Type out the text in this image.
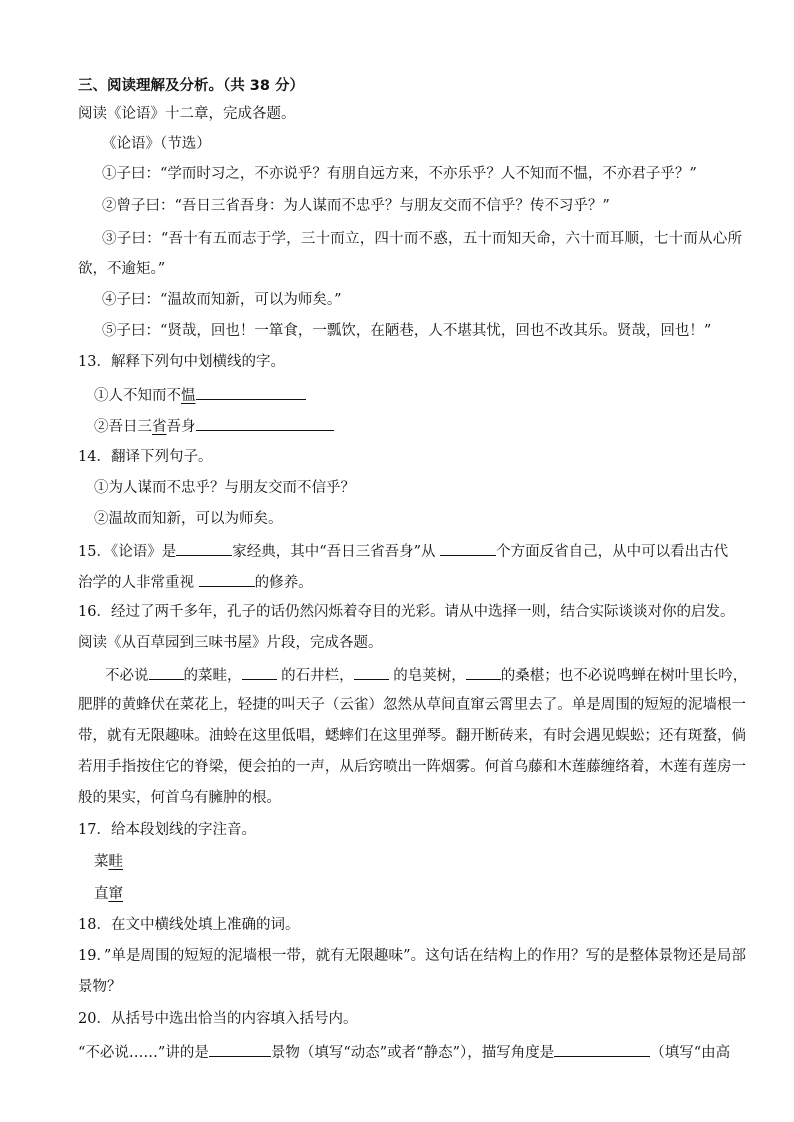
三、阅读理解及分析。（共 38 分）
阅读《论语》十二章，完成各题。
《论语》（节选）
①子曰：“学而时习之，不亦说乎？有朋自远方来，不亦乐乎？人不知而不愠，不亦君子乎？”
②曾子曰：“吾日三省吾身：为人谋而不忠乎？与朋友交而不信乎？传不习乎？”
③子曰：“吾十有五而志于学，三十而立，四十而不惑，五十而知天命，六十而耳顺，七十而从心所
欲，不逾矩。”
④子曰：“温故而知新，可以为师矣。”
⑤子曰：“贤哉，回也！一箪食，一瓢饮，在陋巷，人不堪其忧，回也不改其乐。贤哉，回也！”
13．解释下列句中划横线的字。
①人不知而不愠
②吾日三省吾身
14．翻译下列句子。
①为人谋而不忠乎？与朋友交而不信乎？
②温故而知新，可以为师矣。
15．《论语》是	家经典，其中“吾日三省吾身”从	个方面反省自己，从中可以看出古代
治学的人非常重视	的修养。
16．经过了两千多年，孔子的话仍然闪烁着夺目的光彩。请从中选择一则，结合实际谈谈对你的启发。
阅读《从百草园到三味书屋》片段，完成各题。
不必说 的菜畦， 的石井栏， 的皂荚树， 的桑椹；也不必说鸣蝉在树叶里长吟，
肥胖的黄蜂伏在菜花上，轻捷的叫天子（云雀）忽然从草间直窜云霄里去了。单是周围的短短的泥墙根一
带，就有无限趣味。油蛉在这里低唱，蟋蟀们在这里弹琴。翻开断砖来，有时会遇见蜈蚣；还有斑蝥，倘
若用手指按住它的脊梁，便会拍的一声，从后窍喷出一阵烟雾。何首乌藤和木莲藤缠络着，木莲有莲房一
般的果实，何首乌有臃肿的根。
17．给本段划线的字注音。
菜畦
直窜
18．在文中横线处填上准确的词。
19．”单是周围的短短的泥墙根一带，就有无限趣味”。这句话在结构上的作用？写的是整体景物还是局部
景物？
20．从括号中选出恰当的内容填入括号内。
“不必说……”讲的是	景物（填写“动态”或者“静态”），描写角度是	（填写“由高
